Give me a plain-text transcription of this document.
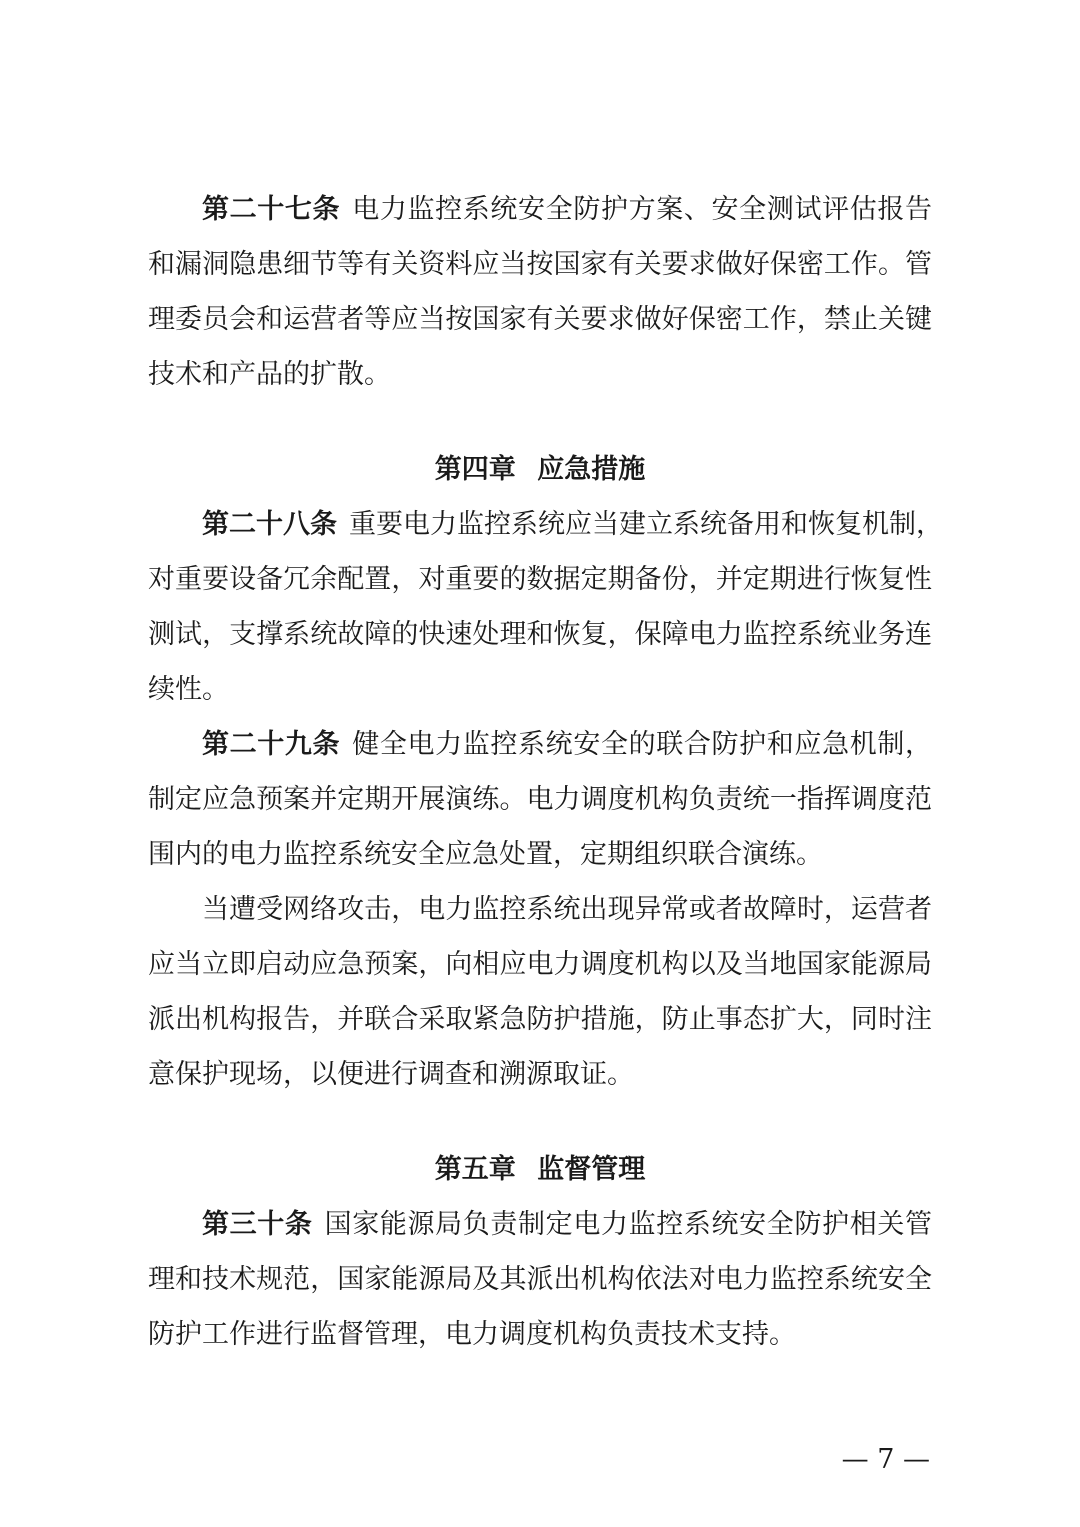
第二十七条 电力监控系统安全防护方案、安全测试评估报告
和漏洞隐患细节等有关资料应当按国家有关要求做好保密工作。管
理委员会和运营者等应当按国家有关要求做好保密工作，禁止关键
技术和产品的扩散。
第四章 应急措施
第二十八条 重要电力监控系统应当建立系统备用和恢复机制，
对重要设备冗余配置，对重要的数据定期备份，并定期进行恢复性
测试，支撑系统故障的快速处理和恢复，保障电力监控系统业务连
续性。
第二十九条 健全电力监控系统安全的联合防护和应急机制，
制定应急预案并定期开展演练。电力调度机构负责统一指挥调度范
围内的电力监控系统安全应急处置，定期组织联合演练。
当遭受网络攻击，电力监控系统出现异常或者故障时，运营者
应当立即启动应急预案，向相应电力调度机构以及当地国家能源局
派出机构报告，并联合采取紧急防护措施，防止事态扩大，同时注
意保护现场，以便进行调查和溯源取证。
第五章 监督管理
第三十条 国家能源局负责制定电力监控系统安全防护相关管
理和技术规范，国家能源局及其派出机构依法对电力监控系统安全
防护工作进行监督管理，电力调度机构负责技术支持。
— 7 —
